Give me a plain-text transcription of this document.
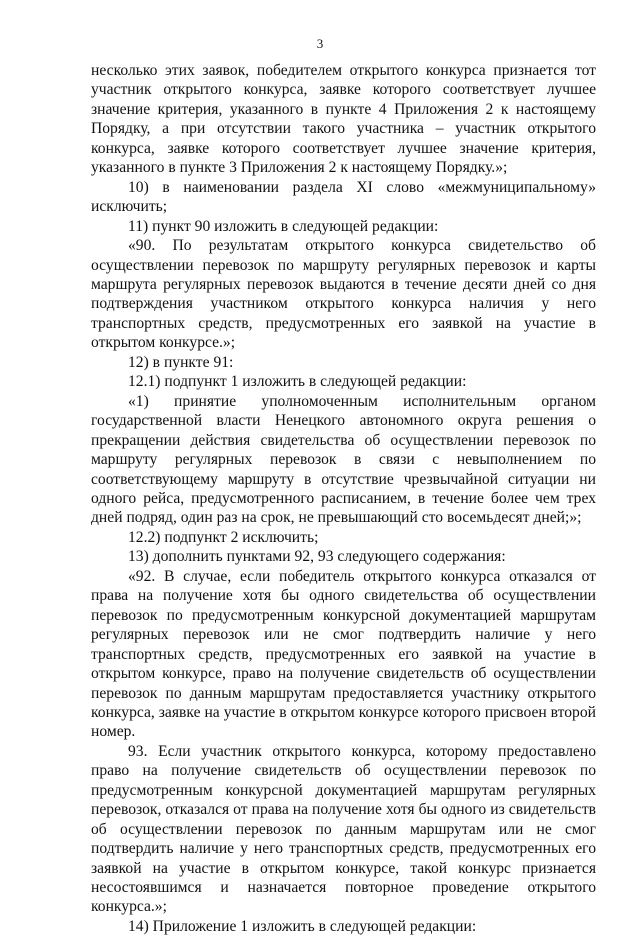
3

несколько этих заявок, победителем открытого конкурса признается тот участник открытого конкурса, заявке которого соответствует лучшее значение критерия, указанного в пункте 4 Приложения 2 к настоящему Порядку, а при отсутствии такого участника – участник открытого конкурса, заявке которого соответствует лучшее значение критерия, указанного в пункте 3 Приложения 2 к настоящему Порядку.»;

10) в наименовании раздела XI слово «межмуниципальному»

исключить;

11) пункт 90 изложить в следующей редакции:

«90. По результатам открытого конкурса свидетельство об осуществлении перевозок по маршруту регулярных перевозок и карты маршрута регулярных перевозок выдаются в течение десяти дней со дня подтверждения участником открытого конкурса наличия у него транспортных средств, предусмотренных его заявкой на участие в открытом конкурсе.»;

12) в пункте 91:

12.1) подпункт 1 изложить в следующей редакции:

«1) принятие уполномоченным исполнительным органом государственной власти Ненецкого автономного округа решения о прекращении действия свидетельства об осуществлении перевозок по маршруту регулярных перевозок в связи с невыполнением по соответствующему маршруту в отсутствие чрезвычайной ситуации ни одного рейса, предусмотренного расписанием, в течение более чем трех дней подряд, один раз на срок, не превышающий сто восемьдесят дней;»;

12.2) подпункт 2 исключить;

13) дополнить пунктами 92, 93 следующего содержания:

«92. В случае, если победитель открытого конкурса отказался от права на получение хотя бы одного свидетельства об осуществлении перевозок по предусмотренным конкурсной документацией маршрутам регулярных перевозок или не смог подтвердить наличие у него транспортных средств, предусмотренных его заявкой на участие в открытом конкурсе, право на получение свидетельств об осуществлении перевозок по данным маршрутам предоставляется участнику открытого конкурса, заявке на участие в открытом конкурсе которого присвоен второй номер.

93. Если участник открытого конкурса, которому предоставлено право на получение свидетельств об осуществлении перевозок по предусмотренным конкурсной документацией маршрутам регулярных перевозок, отказался от права на получение хотя бы одного из свидетельств об осуществлении перевозок по данным маршрутам или не смог подтвердить наличие у него транспортных средств, предусмотренных его заявкой на участие в открытом конкурсе, такой конкурс признается несостоявшимся и назначается повторное проведение открытого конкурса.»;

14) Приложение 1 изложить в следующей редакции:
